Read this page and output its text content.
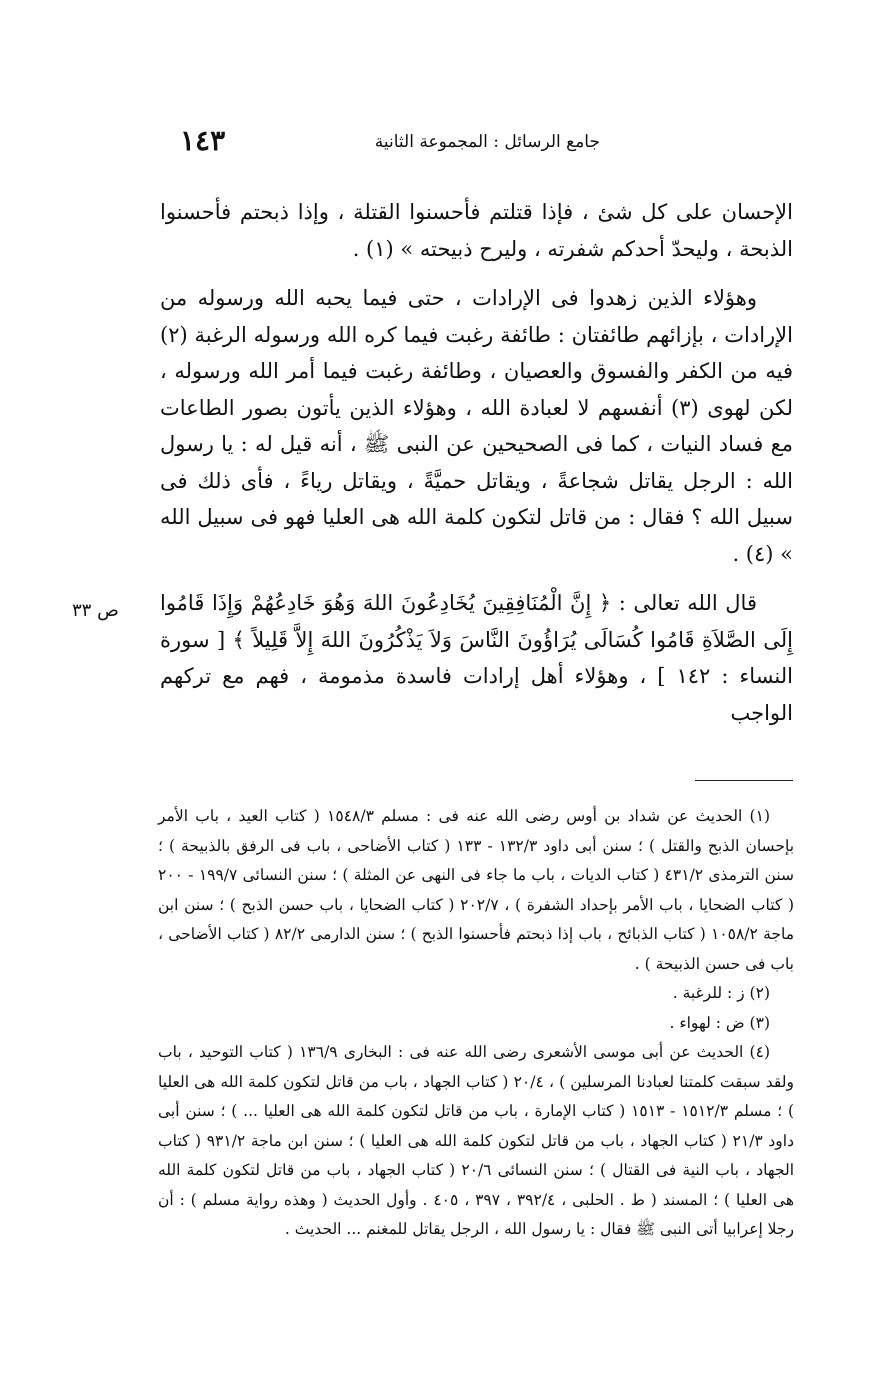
جامع الرسائل : المجموعة الثانية
١٤٣

الإحسان على كل شئ ، فإذا قتلتم فأحسنوا القتلة ، وإذا ذبحتم فأحسنوا الذبحة ، وليحدّ أحدكم شفرته ، وليرح ذبيحته » (١) .

وهؤلاء الذين زهدوا فى الإرادات ، حتى فيما يحبه الله ورسوله من الإرادات ، بإزائهم طائفتان : طائفة رغبت فيما كره الله ورسوله الرغبة (٢) فيه من الكفر والفسوق والعصيان ، وطائفة رغبت فيما أمر الله ورسوله ، لكن لهوى (٣) أنفسهم لا لعبادة الله ، وهؤلاء الذين يأتون بصور الطاعات مع فساد النيات ، كما فى الصحيحين عن النبى ﷺ ، أنه قيل له : يا رسول الله : الرجل يقاتل شجاعةً ، ويقاتل حميَّةً ، ويقاتل رياءً ، فأى ذلك فى سبيل الله ؟ فقال : من قاتل لتكون كلمة الله هى العليا فهو فى سبيل الله » (٤) .

قال الله تعالى : ﴿ إِنَّ الْمُنَافِقِينَ يُخَادِعُونَ اللهَ وَهُوَ خَادِعُهُمْ وَإِذَا قَامُوا إِلَى الصَّلاَةِ قَامُوا كُسَالَى يُرَاؤُونَ النَّاسَ وَلاَ يَذْكُرُونَ اللهَ إِلاَّ قَلِيلاً ﴾ [ سورة النساء : ١٤٢ ] ، وهؤلاء أهل إرادات فاسدة مذمومة ، فهم مع تركهم الواجب

ص ٣٣

(١) الحديث عن شداد بن أوس رضى الله عنه فى : مسلم ١٥٤٨/٣ ( كتاب العيد ، باب الأمر بإحسان الذبح والقتل ) ؛ سنن أبى داود ١٣٢/٣ - ١٣٣ ( كتاب الأضاحى ، باب فى الرفق بالذبيحة ) ؛ سنن الترمذى ٤٣١/٢ ( كتاب الديات ، باب ما جاء فى النهى عن المثلة ) ؛ سنن النسائى ١٩٩/٧ - ٢٠٠ ( كتاب الضحايا ، باب الأمر بإحداد الشفرة ) ، ٢٠٢/٧ ( كتاب الضحايا ، باب حسن الذبح ) ؛ سنن ابن ماجة ١٠٥٨/٢ ( كتاب الذبائح ، باب إذا ذبحتم فأحسنوا الذبح ) ؛ سنن الدارمى ٨٢/٢ ( كتاب الأضاحى ، باب فى حسن الذبيحة ) .

(٢) ز : للرغبة .

(٣) ض : لهواء .

(٤) الحديث عن أبى موسى الأشعرى رضى الله عنه فى : البخارى ١٣٦/٩ ( كتاب التوحيد ، باب ولقد سبقت كلمتنا لعبادنا المرسلين ) ، ٢٠/٤ ( كتاب الجهاد ، باب من قاتل لتكون كلمة الله هى العليا ) ؛ مسلم ١٥١٢/٣ - ١٥١٣ ( كتاب الإمارة ، باب من قاتل لتكون كلمة الله هى العليا ... ) ؛ سنن أبى داود ٢١/٣ ( كتاب الجهاد ، باب من قاتل لتكون كلمة الله هى العليا ) ؛ سنن ابن ماجة ٩٣١/٢ ( كتاب الجهاد ، باب النية فى القتال ) ؛ سنن النسائى ٢٠/٦ ( كتاب الجهاد ، باب من قاتل لتكون كلمة الله هى العليا ) ؛ المسند ( ط . الحلبى ، ٣٩٢/٤ ، ٣٩٧ ، ٤٠٥ . وأول الحديث ( وهذه رواية مسلم ) : أن رجلا إعرابيا أتى النبى ﷺ فقال : يا رسول الله ، الرجل يقاتل للمغنم ... الحديث .
